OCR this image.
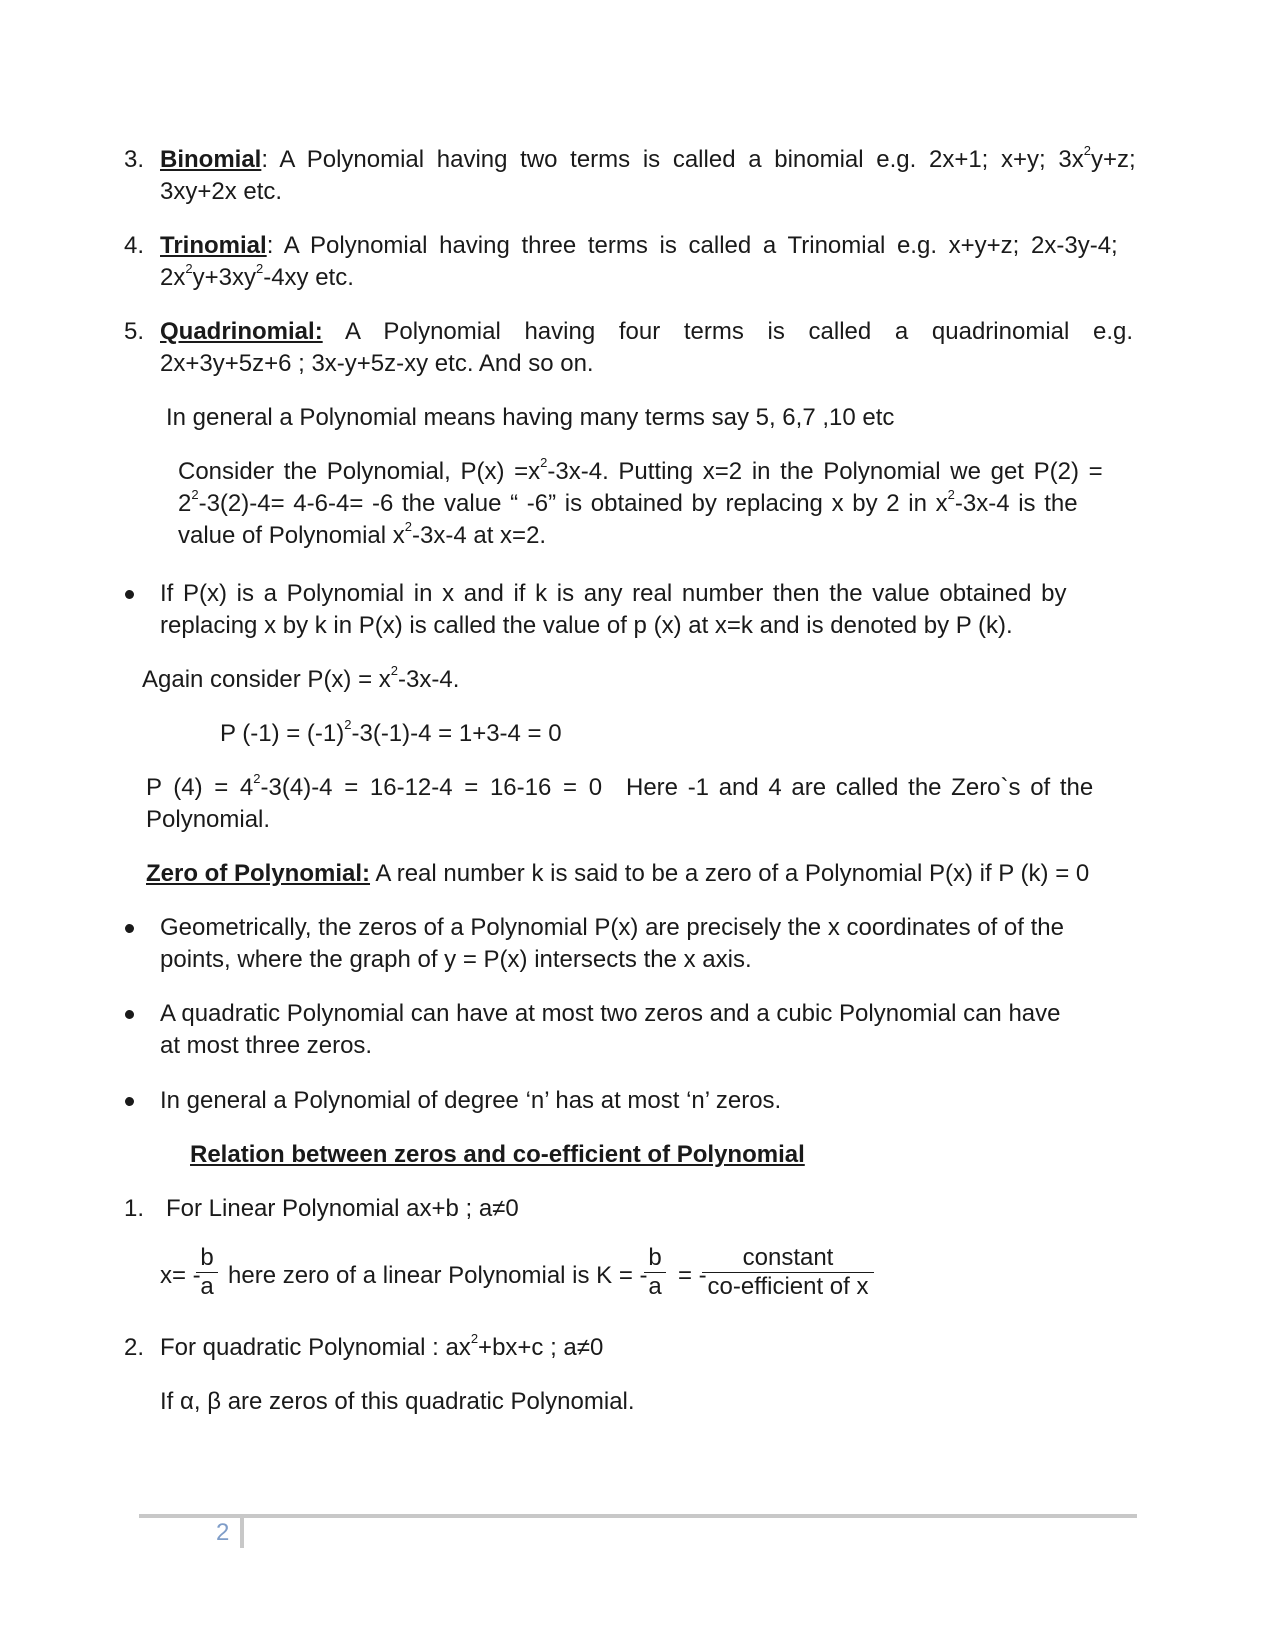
3. Binomial: A Polynomial having two terms is called a binomial e.g. 2x+1; x+y; $3x^2y+z$;
3xy+2x etc.
4. Trinomial: A Polynomial having three terms is called a Trinomial e.g. x+y+z; 2x-3y-4;
$2x^2y+3xy^2-4xy$ etc.
5. Quadrinomial: A Polynomial having four terms is called a quadrinomial e.g.
2x+3y+5z+6 ; 3x-y+5z-xy etc. And so on.
In general a Polynomial means having many terms say 5, 6,7 ,10 etc
Consider the Polynomial, $P(x) =x^2-3x-4$. Putting x=2 in the Polynomial we get P(2) =
$2^2-3(2)-4= 4-6-4= -6$ the value “ -6” is obtained by replacing x by 2 in $x^2-3x-4$ is the
value of Polynomial $x^2-3x-4$ at x=2.
If P(x) is a Polynomial in x and if k is any real number then the value obtained by
replacing x by k in P(x) is called the value of p (x) at x=k and is denoted by P (k).
Again consider $P(x) = x^2-3x-4$.
P $(-1) = (-1)^2-3(-1)-4 = 1+3-4 = 0$
P $(4) = 4^2-3(4)-4 = 16-12-4 = 16-16 = 0$ Here -1 and 4 are called the Zero`s of the
Polynomial.
Zero of Polynomial: A real number k is said to be a zero of a Polynomial P(x) if P (k) = 0
Geometrically, the zeros of a Polynomial P(x) are precisely the x coordinates of of the
points, where the graph of y = P(x) intersects the x axis.
A quadratic Polynomial can have at most two zeros and a cubic Polynomial can have
at most three zeros.
In general a Polynomial of degree ‘n’ has at most ‘n’ zeros.
Relation between zeros and co-efficient of Polynomial
1. For Linear Polynomial ax+b ; a≠0
x= -
b
a here zero of a linear Polynomial is K = -
b
a = -
constant
co-efficient of x
2. For quadratic Polynomial : $ax^2+bx+c$ ; a≠0
If α, β are zeros of this quadratic Polynomial.
2
